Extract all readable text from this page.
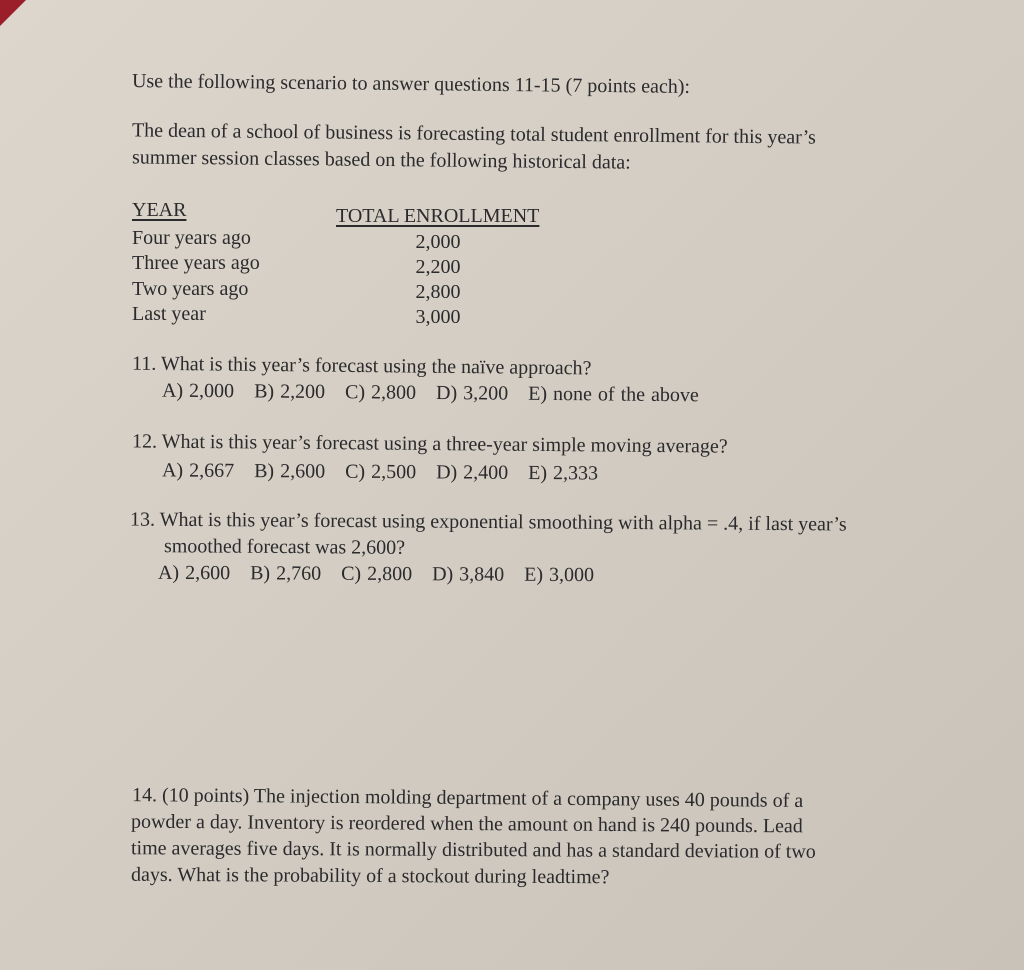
Use the following scenario to answer questions 11-15 (7 points each):
The dean of a school of business is forecasting total student enrollment for this year’s
summer session classes based on the following historical data:
YEAR	TOTAL ENROLLMENT
Four years ago	2,000
Three years ago	2,200
Two years ago	2,800
Last year	3,000
11. What is this year’s forecast using the naïve approach?
A) 2,000 B) 2,200 C) 2,800 D) 3,200 E) none of the above
12. What is this year’s forecast using a three-year simple moving average?
A) 2,667 B) 2,600 C) 2,500 D) 2,400 E) 2,333
13. What is this year’s forecast using exponential smoothing with alpha = .4, if last year’s
smoothed forecast was 2,600?
A) 2,600 B) 2,760 C) 2,800 D) 3,840 E) 3,000
14. (10 points) The injection molding department of a company uses 40 pounds of a
powder a day. Inventory is reordered when the amount on hand is 240 pounds. Lead
time averages five days. It is normally distributed and has a standard deviation of two
days. What is the probability of a stockout during leadtime?
